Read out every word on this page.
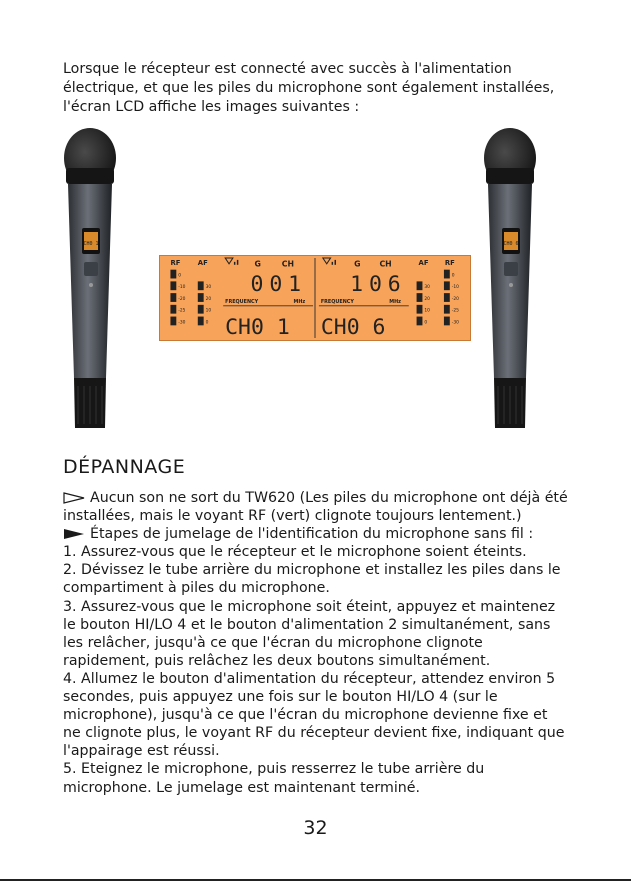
Lorsque le récepteur est connecté avec succès à l'alimentation électrique, et que les piles du microphone sont également installées, l'écran LCD affiche les images suivantes :

CH0 1	CH0 6
RF AF	G	CH
0
-10
-20
-25
-30
30
20
10
0
001
FREQUENCY	MHz
CH0 1
G CH	AF RF
106
FREQUENCY	MHz
CH0 6
30
20
10
0
0
-10
-20
-25
-30
DÉPANNAGE

Aucun son ne sort du TW620 (Les piles du microphone ont déjà été installées, mais le voyant RF (vert) clignote toujours lentement.)

Étapes de jumelage de l'identification du microphone sans fil :

1. Assurez-vous que le récepteur et le microphone soient éteints.

2. Dévissez le tube arrière du microphone et installez les piles dans le compartiment à piles du microphone.

3. Assurez-vous que le microphone soit éteint, appuyez et maintenez le bouton HI/LO 4 et le bouton d'alimentation 2 simultanément, sans les relâcher, jusqu'à ce que l'écran du microphone clignote rapidement, puis relâchez les deux boutons simultanément.

4. Allumez le bouton d'alimentation du récepteur, attendez environ 5 secondes, puis appuyez une fois sur le bouton HI/LO 4 (sur le microphone), jusqu'à ce que l'écran du microphone devienne fixe et ne clignote plus, le voyant RF du récepteur devient fixe, indiquant que l'appairage est réussi.

5. Eteignez le microphone, puis resserrez le tube arrière du microphone. Le jumelage est maintenant terminé.

32
